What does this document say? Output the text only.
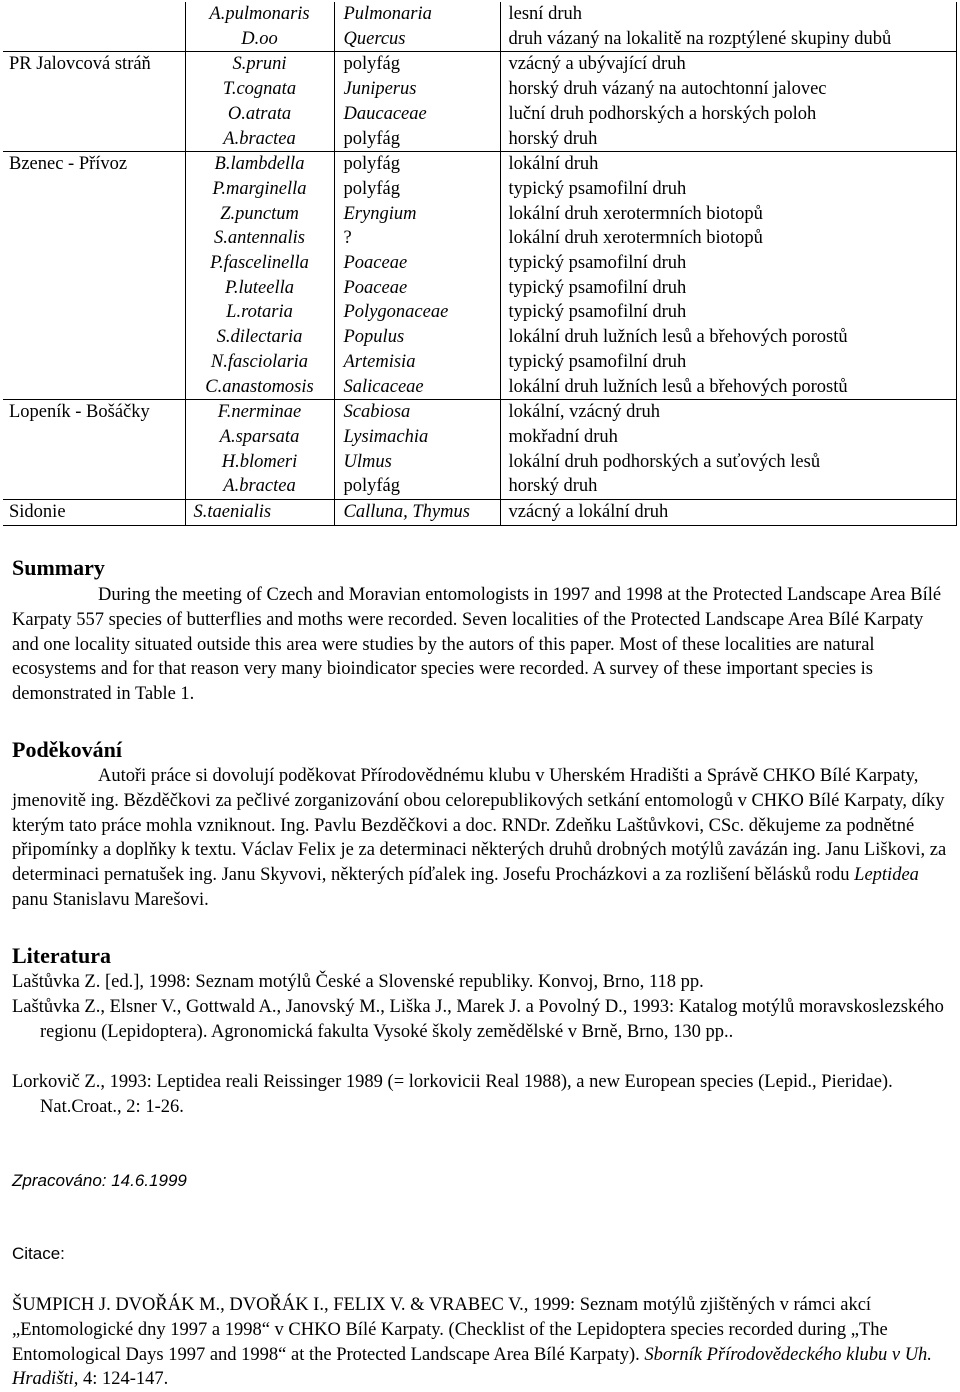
	A.pulmonaris	Pulmonaria	lesní druh
	D.oo	Quercus	druh vázaný na lokalitě na rozptýlené skupiny dubů
PR Jalovcová stráň	S.pruni	polyfág	vzácný a ubývající druh
	T.cognata	Juniperus	horský druh vázaný na autochtonní jalovec
	O.atrata	Daucaceae	luční druh podhorských a horských poloh
	A.bractea	polyfág	horský druh
Bzenec - Přívoz	B.lambdella	polyfág	lokální druh
	P.marginella	polyfág	typický psamofilní druh
	Z.punctum	Eryngium	lokální druh xerotermních biotopů
	S.antennalis	?	lokální druh xerotermních biotopů
	P.fascelinella	Poaceae	typický psamofilní druh
	P.luteella	Poaceae	typický psamofilní druh
	L.rotaria	Polygonaceae	typický psamofilní druh
	S.dilectaria	Populus	lokální druh lužních lesů a břehových porostů
	N.fasciolaria	Artemisia	typický psamofilní druh
	C.anastomosis	Salicaceae	lokální druh lužních lesů a břehových porostů
Lopeník - Bošáčky	F.nerminae	Scabiosa	lokální, vzácný druh
	A.sparsata	Lysimachia	mokřadní druh
	H.blomeri	Ulmus	lokální druh podhorských a suťových lesů
	A.bractea	polyfág	horský druh
Sidonie	S.taenialis	Calluna, Thymus	vzácný a lokální druh
Summary

During the meeting of Czech and Moravian entomologists in 1997 and 1998 at the Protected Landscape Area Bílé Karpaty 557 species of butterflies and moths were recorded. Seven localities of the Protected Landscape Area Bílé Karpaty and one locality situated outside this area were studies by the autors of this paper. Most of these localities are natural ecosystems and for that reason very many bioindicator species were recorded. A survey of these important species is demonstrated in Table 1.

Poděkování

Autoři práce si dovolují poděkovat Přírodovědnému klubu v Uherském Hradišti a Správě CHKO Bílé Karpaty, jmenovitě ing. Bězděčkovi za pečlivé zorganizování obou celorepublikových setkání entomologů v CHKO Bílé Karpaty, díky kterým tato práce mohla vzniknout. Ing. Pavlu Bezděčkovi a doc. RNDr. Zdeňku Laštůvkovi, CSc. děkujeme za podnětné připomínky a doplňky k textu. Václav Felix je za determinaci některých druhů drobných motýlů zavázán ing. Janu Liškovi, za determinaci pernatušek ing. Janu Skyvovi, některých píďalek ing. Josefu Procházkovi a za rozlišení bělásků rodu Leptidea panu Stanislavu Marešovi.

Literatura

Laštůvka Z. [ed.], 1998: Seznam motýlů České a Slovenské republiky. Konvoj, Brno, 118 pp.

Laštůvka Z., Elsner V., Gottwald A., Janovský M., Liška J., Marek J. a Povolný D., 1993: Katalog motýlů moravskoslezského regionu (Lepidoptera). Agronomická fakulta Vysoké školy zemědělské v Brně, Brno, 130 pp..

Lorkovič Z., 1993: Leptidea reali Reissinger 1989 (= lorkovicii Real 1988), a new European species (Lepid., Pieridae). Nat.Croat., 2: 1-26.

Zpracováno: 14.6.1999

Citace:

ŠUMPICH J. DVOŘÁK M., DVOŘÁK I., FELIX V. & VRABEC V., 1999: Seznam motýlů zjištěných v rámci akcí „Entomologické dny 1997 a 1998“ v CHKO Bílé Karpaty. (Checklist of the Lepidoptera species recorded during „The Entomological Days 1997 and 1998“ at the Protected Landscape Area Bílé Karpaty). Sborník Přírodovědeckého klubu v Uh. Hradišti, 4: 124-147.
